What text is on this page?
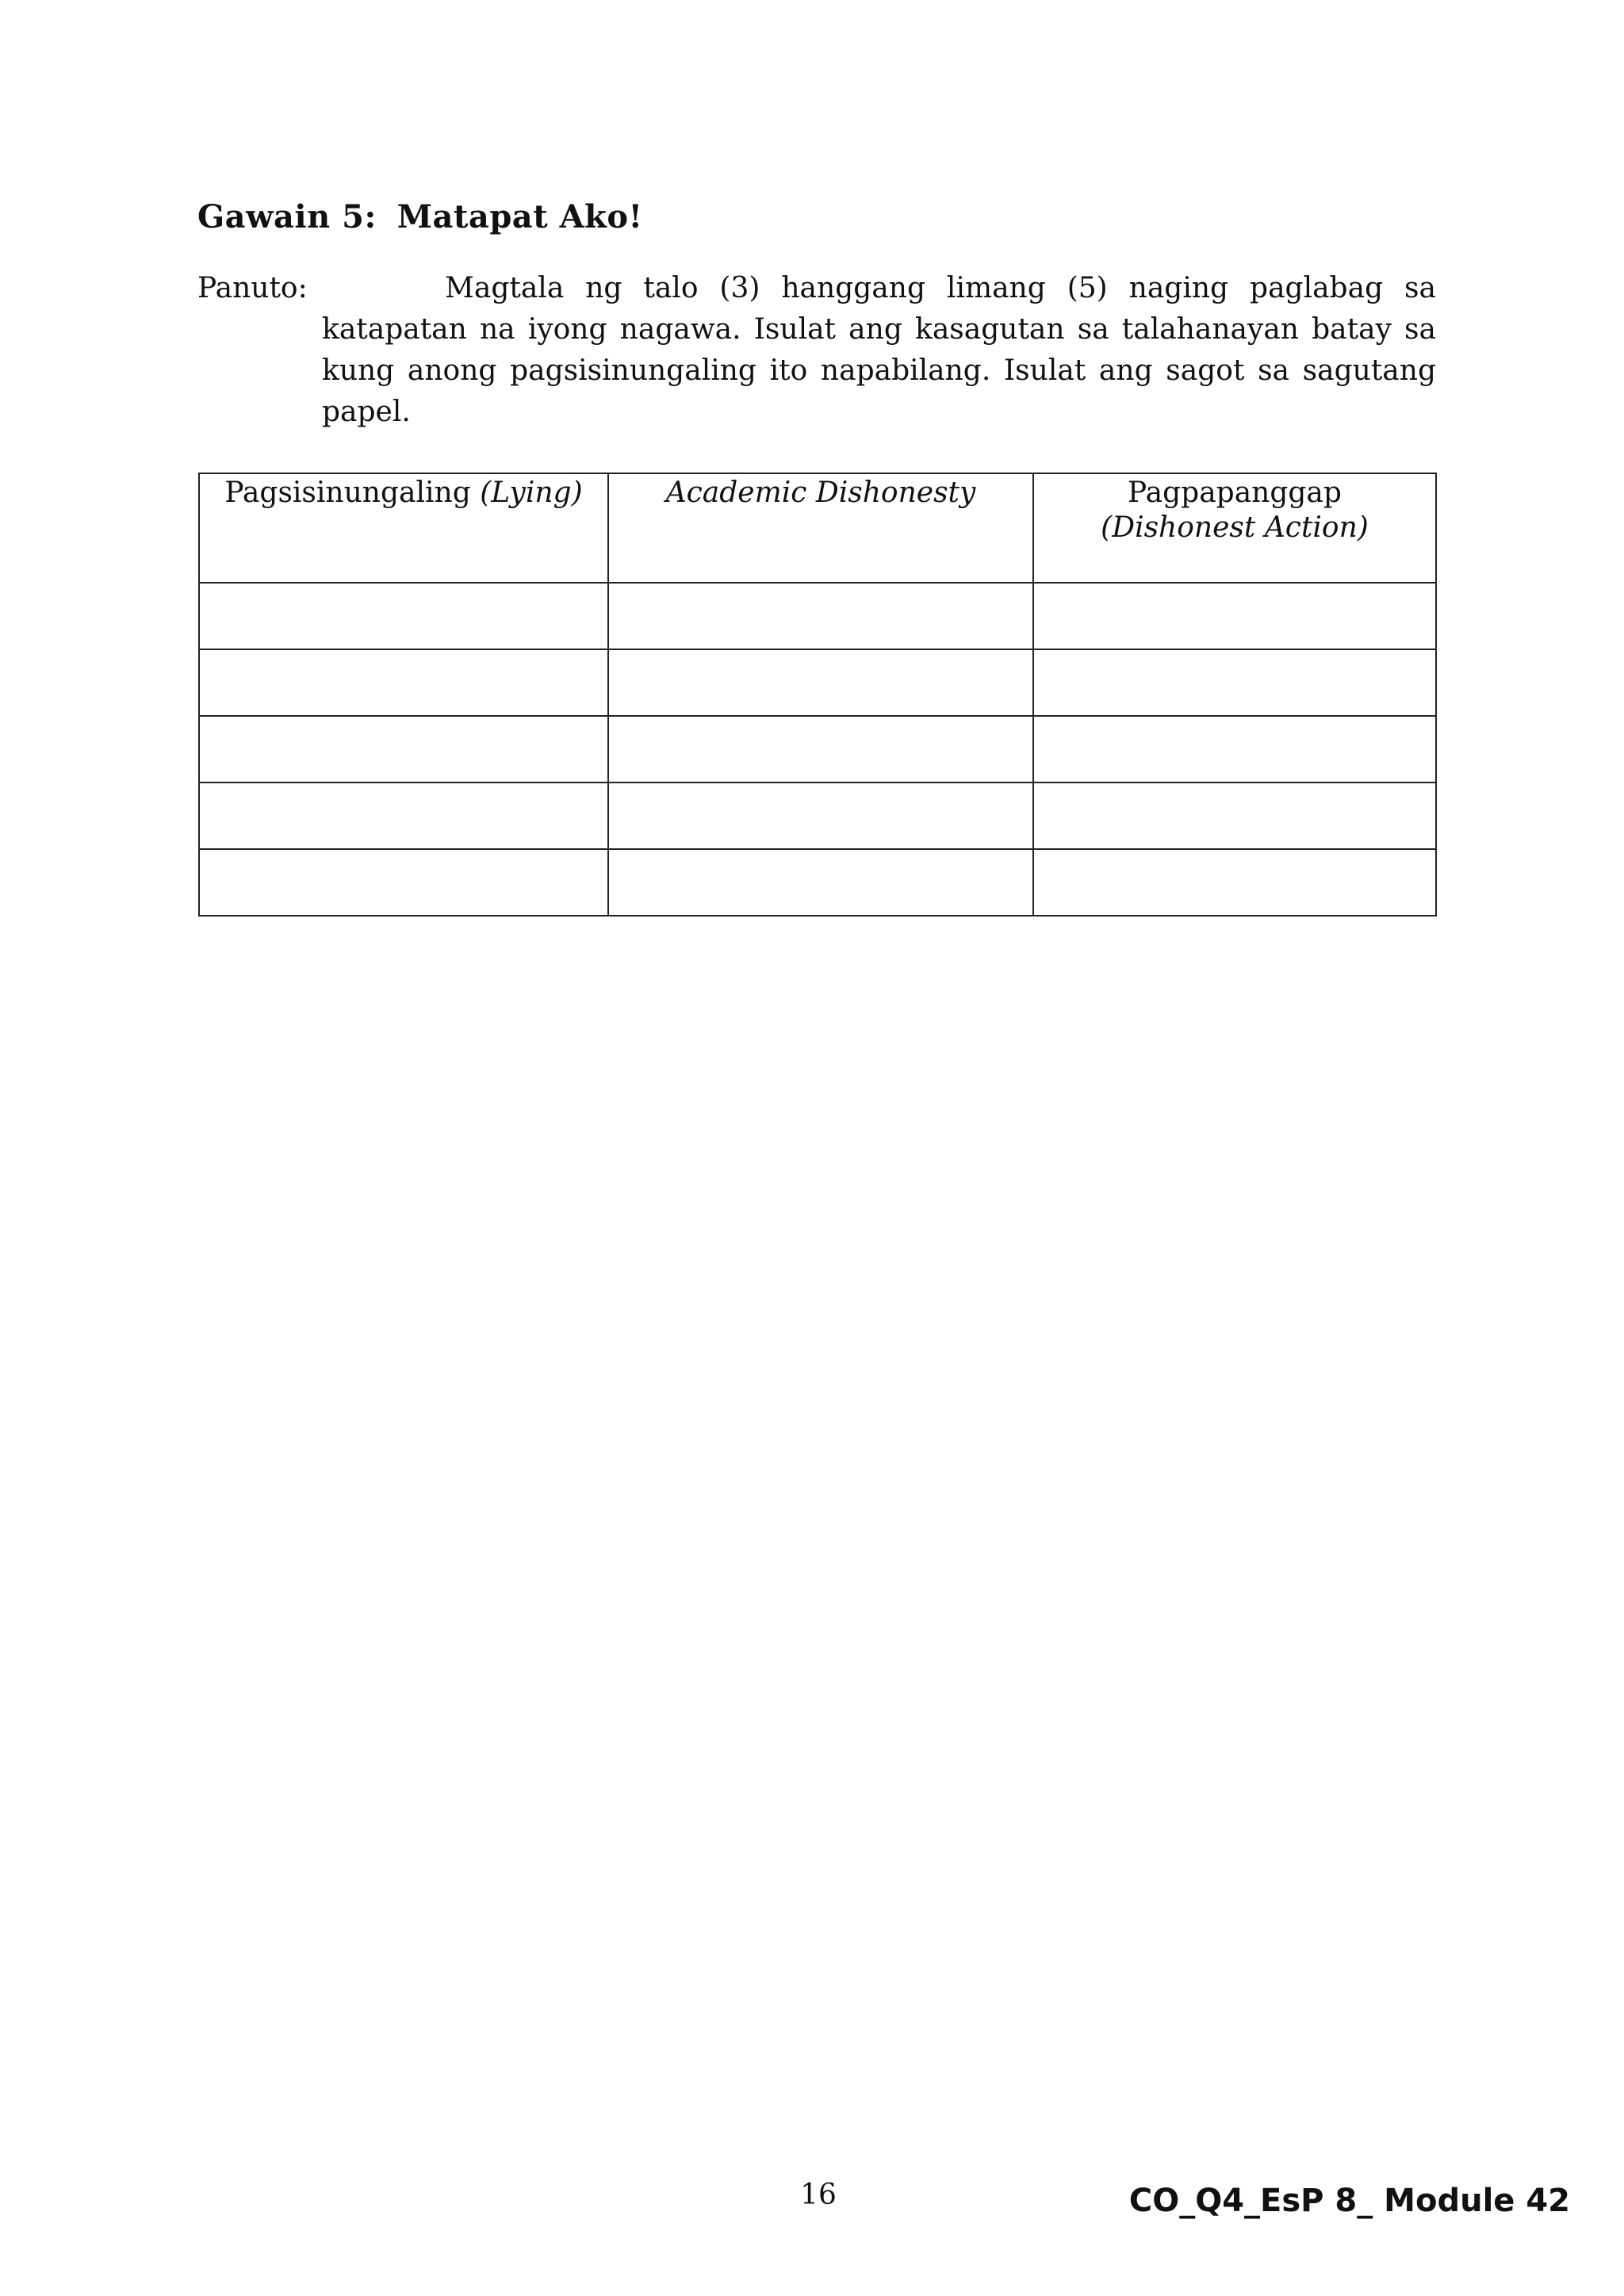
Gawain 5: Matapat Ako!
Panuto:	Magtala ng talo (3) hanggang limang (5) naging paglabag sa katapatan na iyong nagawa. Isulat ang kasagutan sa talahanayan batay sa kung anong pagsisinungaling ito napabilang. Isulat ang sagot sa sagutang papel.
Pagsisinungaling (Lying)	Academic Dishonesty	Pagpapanggap
(Dishonest Action)

16	CO_Q4_EsP 8_ Module 42
